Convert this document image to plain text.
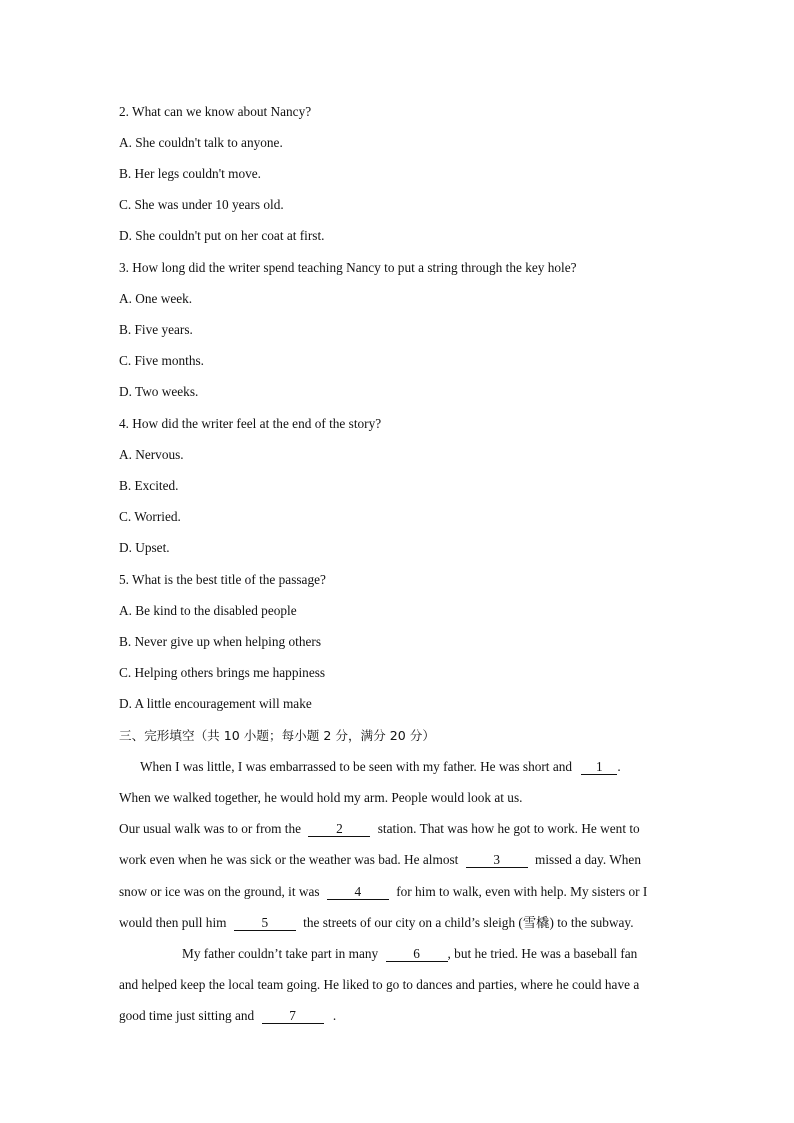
2. What can we know about Nancy?
A. She couldn't talk to anyone.
B. Her legs couldn't move.
C. She was under 10 years old.
D. She couldn't put on her coat at first.
3. How long did the writer spend teaching Nancy to put a string through the key hole?
A. One week.
B. Five years.
C. Five months.
D. Two weeks.
4. How did the writer feel at the end of the story?
A. Nervous.
B. Excited.
C. Worried.
D. Upset.
5. What is the best title of the passage?
A. Be kind to the disabled people
B. Never give up when helping others
C. Helping others brings me happiness
D. A little encouragement will make
三、完形填空（共 10 小题；每小题 2 分，满分 20 分）
When I was little, I was embarrassed to be seen with my father. He was short and 1 .
When we walked together, he would hold my arm. People would look at us.
Our usual walk was to or from the	2	station. That was how he got to work. He went to
work even when he was sick or the weather was bad. He almost	3	missed a day. When
snow or ice was on the ground, it was	4	for him to walk, even with help. My sisters or I
would then pull him	5	the streets of our city on a child’s sleigh (雪橇) to the subway.
My father couldn’t take part in many	6 , but he tried. He was a baseball fan
and helped keep the local team going. He liked to go to dances and parties, where he could have a
good time just sitting and	7	.
